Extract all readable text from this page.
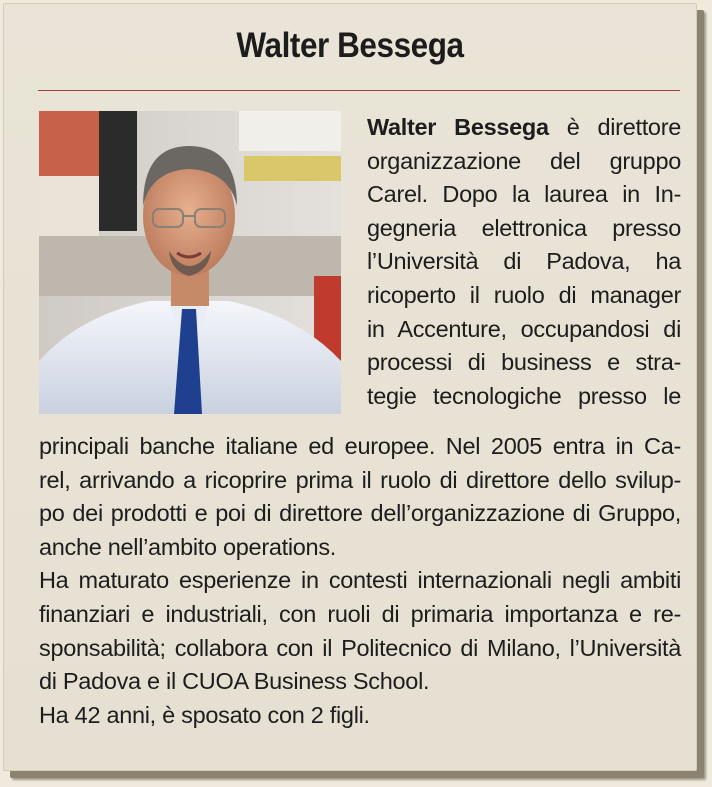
Walter Bessega
Walter Bessega è direttore
organizzazione del gruppo
Carel. Dopo la laurea in In-
gegneria elettronica presso
l’Università di Padova, ha
ricoperto il ruolo di manager
in Accenture, occupandosi di
processi di business e stra-
tegie tecnologiche presso le
principali banche italiane ed europee. Nel 2005 entra in Ca-
rel, arrivando a ricoprire prima il ruolo di direttore dello svilup-
po dei prodotti e poi di direttore dell’organizzazione di Gruppo,
anche nell’ambito operations.
Ha maturato esperienze in contesti internazionali negli ambiti
finanziari e industriali, con ruoli di primaria importanza e re-
sponsabilità; collabora con il Politecnico di Milano, l’Università
di Padova e il CUOA Business School.
Ha 42 anni, è sposato con 2 figli.
